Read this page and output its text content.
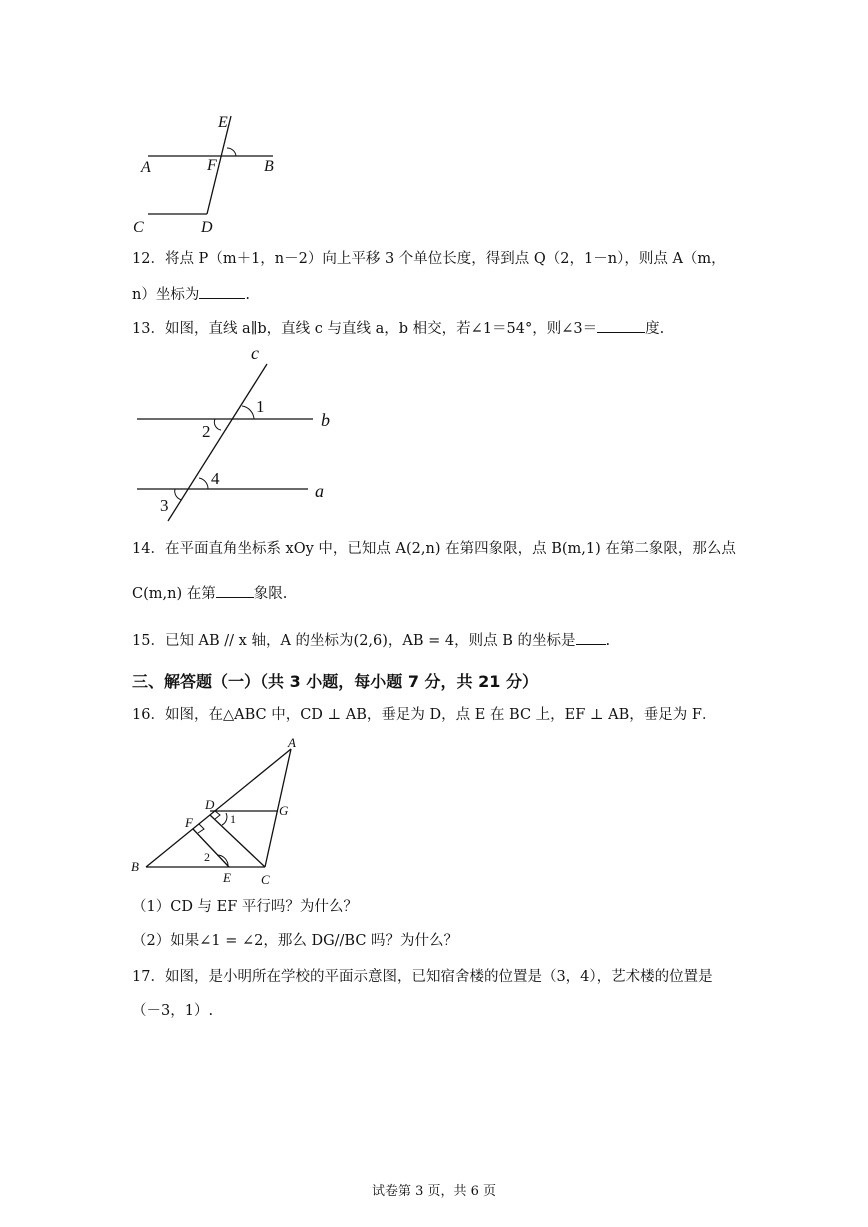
E
F
A	B
C	D
12．将点 P（m＋1，n－2）向上平移 3 个单位长度，得到点 Q（2，1－n），则点 A（m，
n）坐标为	.
13．如图，直线 a∥b，直线 c 与直线 a，b 相交，若∠1＝54°，则∠3＝	度.
c
b
a
1
2
4
3
14．在平面直角坐标系 xOy 中，已知点 A(2,n) 在第四象限，点 B(m,1) 在第二象限，那么点
C(m,n) 在第	象限.
15．已知 AB // x 轴，A 的坐标为(2,6)，AB = 4，则点 B 的坐标是 .
三、解答题（一）（共 3 小题，每小题 7 分，共 21 分）
16．如图，在△ABC 中，CD ⊥ AB，垂足为 D，点 E 在 BC 上，EF ⊥ AB，垂足为 F．
A
B
C
D
E
F
G
1
2
（1）CD 与 EF 平行吗？为什么？
（2）如果∠1 = ∠2，那么 DG//BC 吗？为什么？
17．如图，是小明所在学校的平面示意图，已知宿舍楼的位置是（3，4），艺术楼的位置是
（－3，1）.
试卷第 3 页，共 6 页
